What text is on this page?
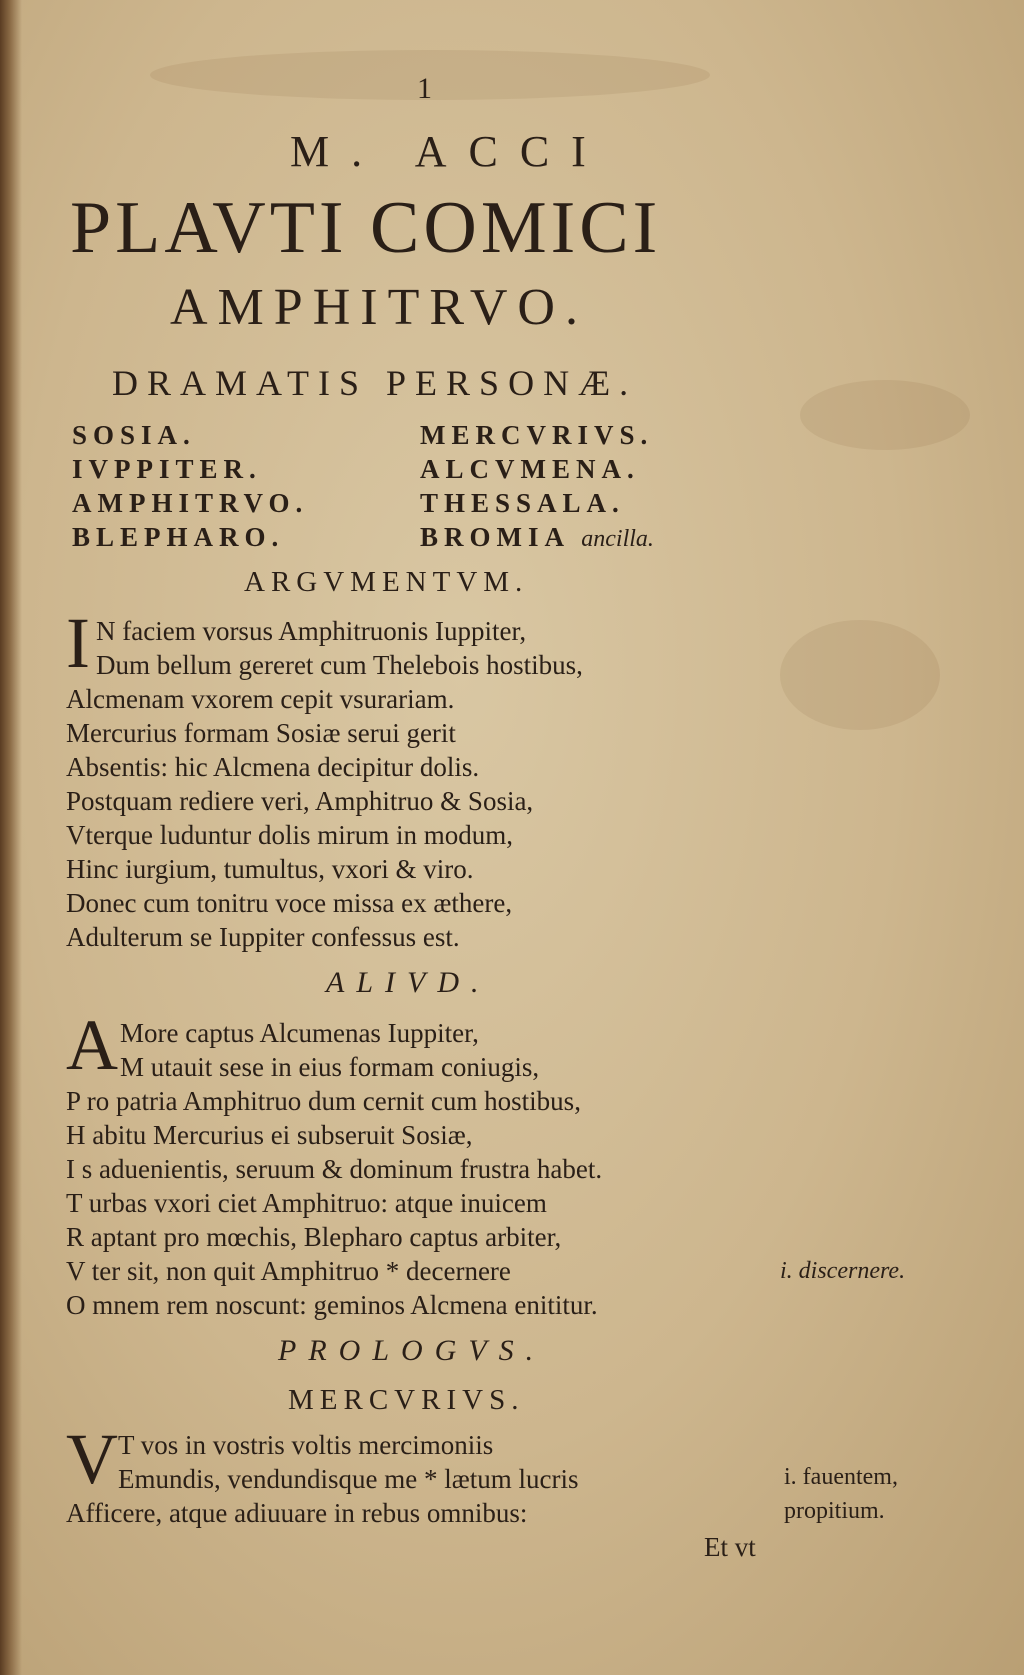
1
M. ACCI
PLAVTI COMICI
AMPHITRVO.
DRAMATIS PERSONÆ.
SOSIA.	MERCVRIVS.
IVPPITER.	ALCVMENA.
AMPHITRVO.	THESSALA.
BLEPHARO.	BROMIA ancilla.
ARGVMENTVM.
I N faciem vorsus Amphitruonis Iuppiter,
Dum bellum gereret cum Thelebois hostibus,
Alcmenam vxorem cepit vsurariam.
Mercurius formam Sosiæ serui gerit
Absentis: hic Alcmena decipitur dolis.
Postquam rediere veri, Amphitruo & Sosia,
Vterque luduntur dolis mirum in modum,
Hinc iurgium, tumultus, vxori & viro.
Donec cum tonitru voce missa ex æthere,
Adulterum se Iuppiter confessus est.
ALIVD.
A More captus Alcumenas Iuppiter,
M utauit sese in eius formam coniugis,
P ro patria Amphitruo dum cernit cum hostibus,
H abitu Mercurius ei subseruit Sosiæ,
I s aduenientis, seruum & dominum frustra habet.
T urbas vxori ciet Amphitruo: atque inuicem
R aptant pro mœchis, Blepharo captus arbiter,
V ter sit, non quit Amphitruo * decernere
O mnem rem noscunt: geminos Alcmena enititur.
i. discernere.
PROLOGVS.
MERCVRIVS.
V T vos in vostris voltis mercimoniis
Emundis, vendundisque me * lætum lucris
Afficere, atque adiuuare in rebus omnibus:
i. fauentem,
propitium.
Et vt
